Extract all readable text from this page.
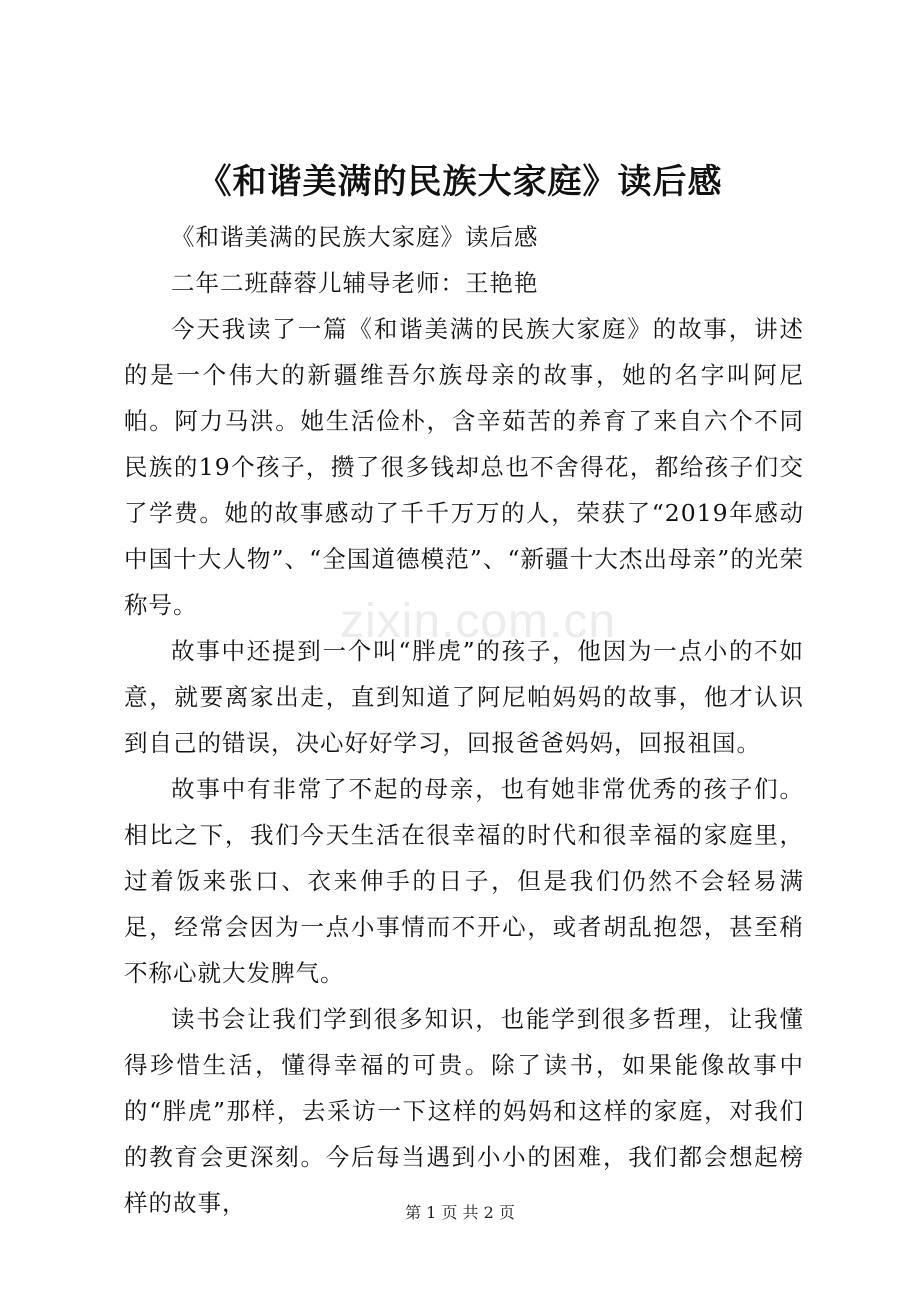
《和谐美满的民族大家庭》读后感

《和谐美满的民族大家庭》读后感

二年二班薛蓉儿辅导老师：王艳艳

今天我读了一篇《和谐美满的民族大家庭》的故事，讲述的是一个伟大的新疆维吾尔族母亲的故事，她的名字叫阿尼帕。阿力马洪。她生活俭朴，含辛茹苦的养育了来自六个不同民族的19个孩子，攒了很多钱却总也不舍得花，都给孩子们交了学费。她的故事感动了千千万万的人，荣获了“2019年感动中国十大人物”、“全国道德模范”、“新疆十大杰出母亲”的光荣称号。

故事中还提到一个叫“胖虎”的孩子，他因为一点小的不如意，就要离家出走，直到知道了阿尼帕妈妈的故事，他才认识到自己的错误，决心好好学习，回报爸爸妈妈，回报祖国。

故事中有非常了不起的母亲，也有她非常优秀的孩子们。相比之下，我们今天生活在很幸福的时代和很幸福的家庭里，过着饭来张口、衣来伸手的日子，但是我们仍然不会轻易满足，经常会因为一点小事情而不开心，或者胡乱抱怨，甚至稍不称心就大发脾气。

读书会让我们学到很多知识，也能学到很多哲理，让我懂得珍惜生活，懂得幸福的可贵。除了读书，如果能像故事中的“胖虎”那样，去采访一下这样的妈妈和这样的家庭，对我们的教育会更深刻。今后每当遇到小小的困难，我们都会想起榜样的故事，

zixin.com.cn
第 1 页 共 2 页
